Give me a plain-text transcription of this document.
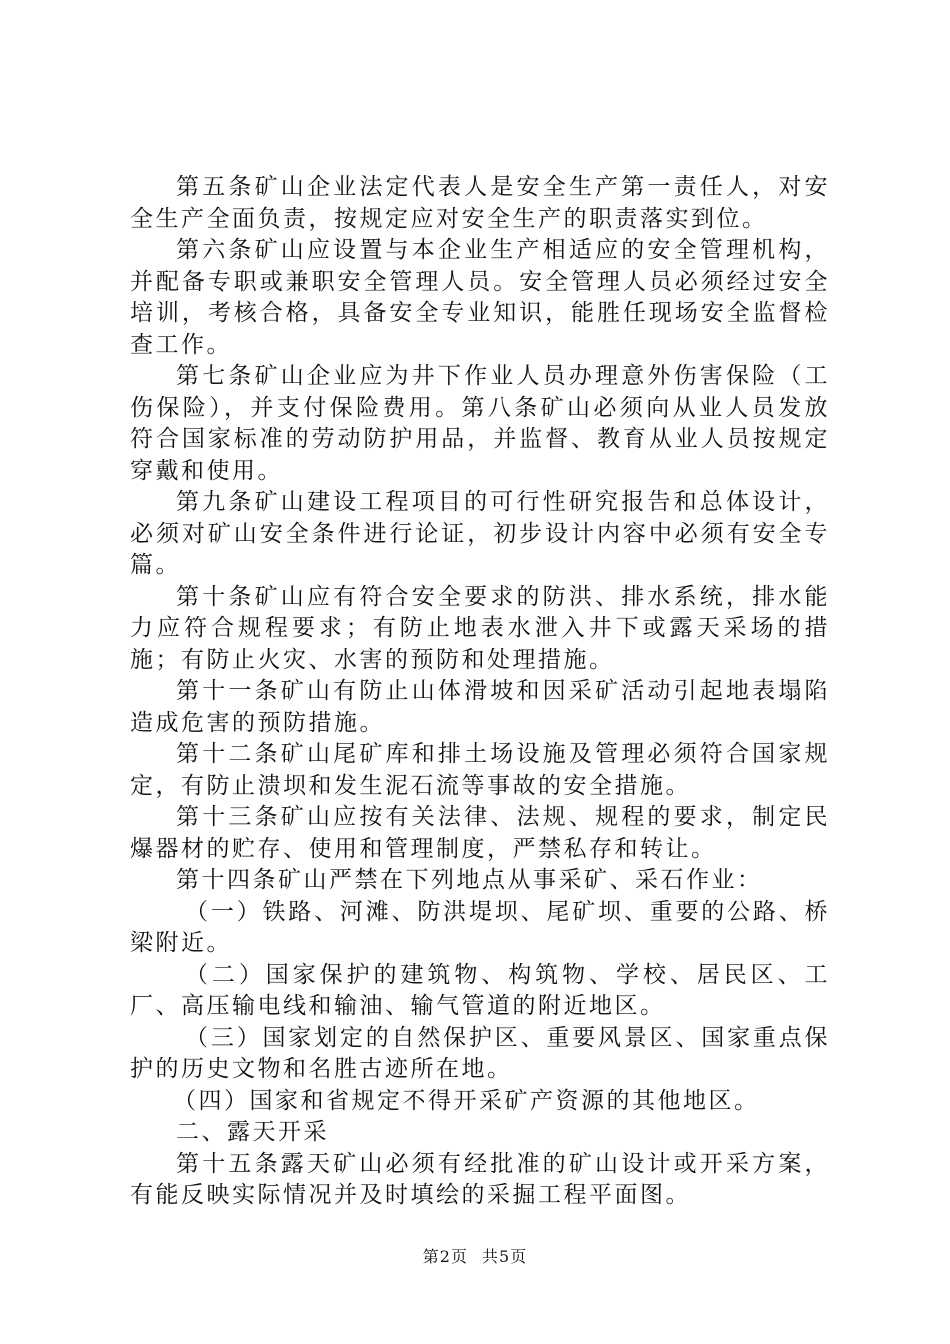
第五条矿山企业法定代表人是安全生产第一责任人，对安全生产全面负责，按规定应对安全生产的职责落实到位。

第六条矿山应设置与本企业生产相适应的安全管理机构，并配备专职或兼职安全管理人员。安全管理人员必须经过安全培训，考核合格，具备安全专业知识，能胜任现场安全监督检查工作。

第七条矿山企业应为井下作业人员办理意外伤害保险（工伤保险），并支付保险费用。第八条矿山必须向从业人员发放符合国家标准的劳动防护用品，并监督、教育从业人员按规定穿戴和使用。

第九条矿山建设工程项目的可行性研究报告和总体设计，必须对矿山安全条件进行论证，初步设计内容中必须有安全专篇。

第十条矿山应有符合安全要求的防洪、排水系统，排水能力应符合规程要求；有防止地表水泄入井下或露天采场的措施；有防止火灾、水害的预防和处理措施。

第十一条矿山有防止山体滑坡和因采矿活动引起地表塌陷造成危害的预防措施。

第十二条矿山尾矿库和排土场设施及管理必须符合国家规定，有防止溃坝和发生泥石流等事故的安全措施。

第十三条矿山应按有关法律、法规、规程的要求，制定民爆器材的贮存、使用和管理制度，严禁私存和转让。

第十四条矿山严禁在下列地点从事采矿、采石作业：

（一）铁路、河滩、防洪堤坝、尾矿坝、重要的公路、桥梁附近。

（二）国家保护的建筑物、构筑物、学校、居民区、工厂、高压输电线和输油、输气管道的附近地区。

（三）国家划定的自然保护区、重要风景区、国家重点保护的历史文物和名胜古迹所在地。

（四）国家和省规定不得开采矿产资源的其他地区。

二、露天开采

第十五条露天矿山必须有经批准的矿山设计或开采方案，有能反映实际情况并及时填绘的采掘工程平面图。

第2页 共5页
